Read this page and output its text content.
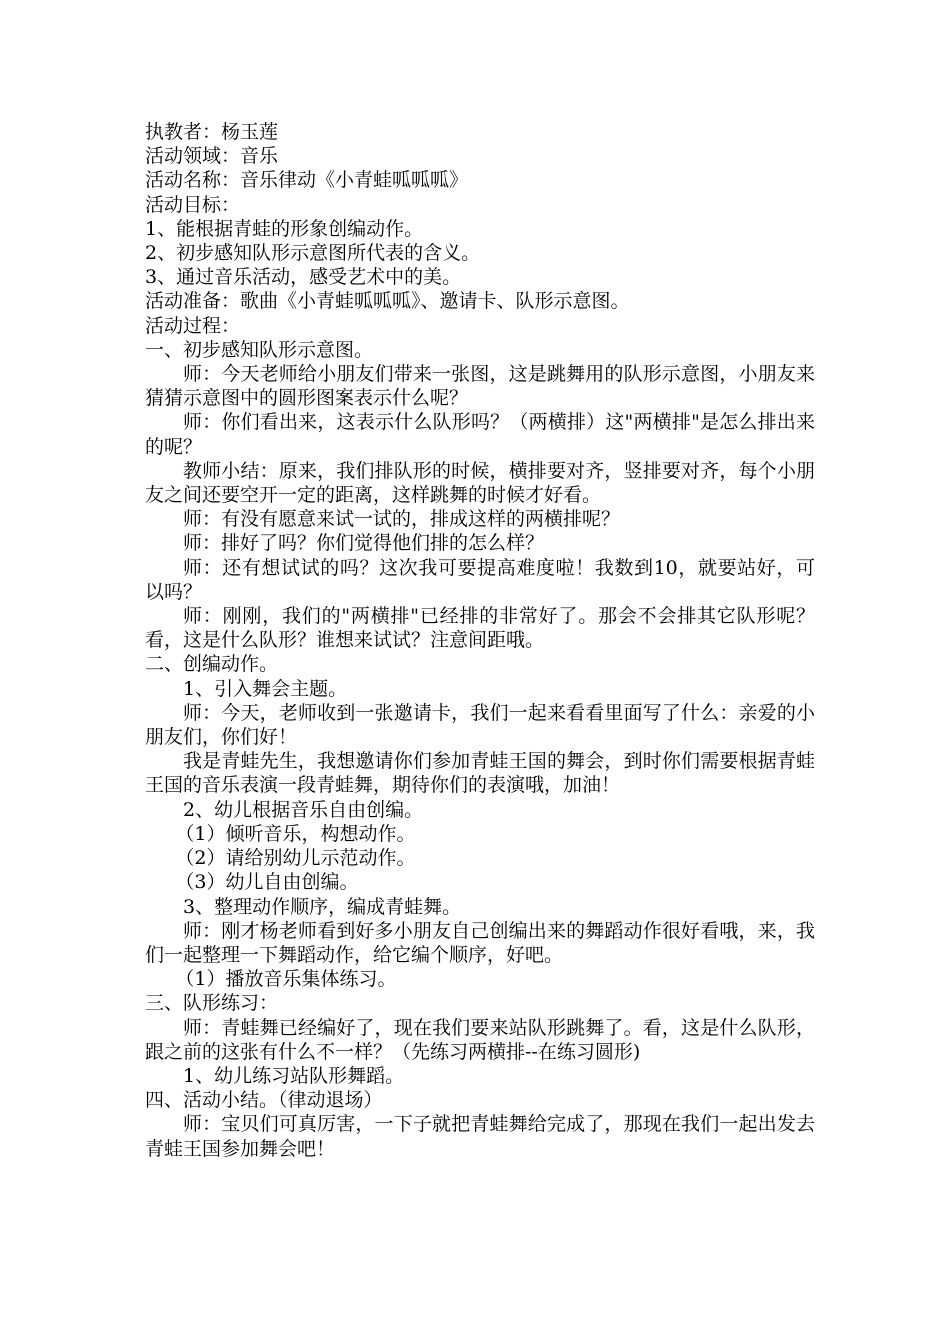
执教者：杨玉莲

活动领域：音乐

活动名称：音乐律动《小青蛙呱呱呱》

活动目标：

1、能根据青蛙的形象创编动作。

2、初步感知队形示意图所代表的含义。

3、通过音乐活动，感受艺术中的美。

活动准备：歌曲《小青蛙呱呱呱》、邀请卡、队形示意图。

活动过程：

一、初步感知队形示意图。

师：今天老师给小朋友们带来一张图，这是跳舞用的队形示意图，小朋友来猜猜示意图中的圆形图案表示什么呢？

师：你们看出来，这表示什么队形吗？（两横排）这"两横排"是怎么排出来的呢？

教师小结：原来，我们排队形的时候，横排要对齐，竖排要对齐，每个小朋友之间还要空开一定的距离，这样跳舞的时候才好看。

师：有没有愿意来试一试的，排成这样的两横排呢？

师：排好了吗？你们觉得他们排的怎么样？

师：还有想试试的吗？这次我可要提高难度啦！我数到10，就要站好，可以吗？

师：刚刚，我们的"两横排"已经排的非常好了。那会不会排其它队形呢？看，这是什么队形？谁想来试试？注意间距哦。

二、创编动作。

1、引入舞会主题。

师：今天，老师收到一张邀请卡，我们一起来看看里面写了什么：亲爱的小朋友们，你们好！

我是青蛙先生，我想邀请你们参加青蛙王国的舞会，到时你们需要根据青蛙王国的音乐表演一段青蛙舞，期待你们的表演哦，加油！

2、幼儿根据音乐自由创编。

（1）倾听音乐，构想动作。

（2）请给别幼儿示范动作。

（3）幼儿自由创编。

3、整理动作顺序，编成青蛙舞。

师：刚才杨老师看到好多小朋友自己创编出来的舞蹈动作很好看哦，来，我们一起整理一下舞蹈动作，给它编个顺序，好吧。

（1）播放音乐集体练习。

三、队形练习：

师：青蛙舞已经编好了，现在我们要来站队形跳舞了。看，这是什么队形，跟之前的这张有什么不一样？（先练习两横排--在练习圆形)

1、幼儿练习站队形舞蹈。

四、活动小结。（律动退场）

师：宝贝们可真厉害，一下子就把青蛙舞给完成了，那现在我们一起出发去青蛙王国参加舞会吧！
